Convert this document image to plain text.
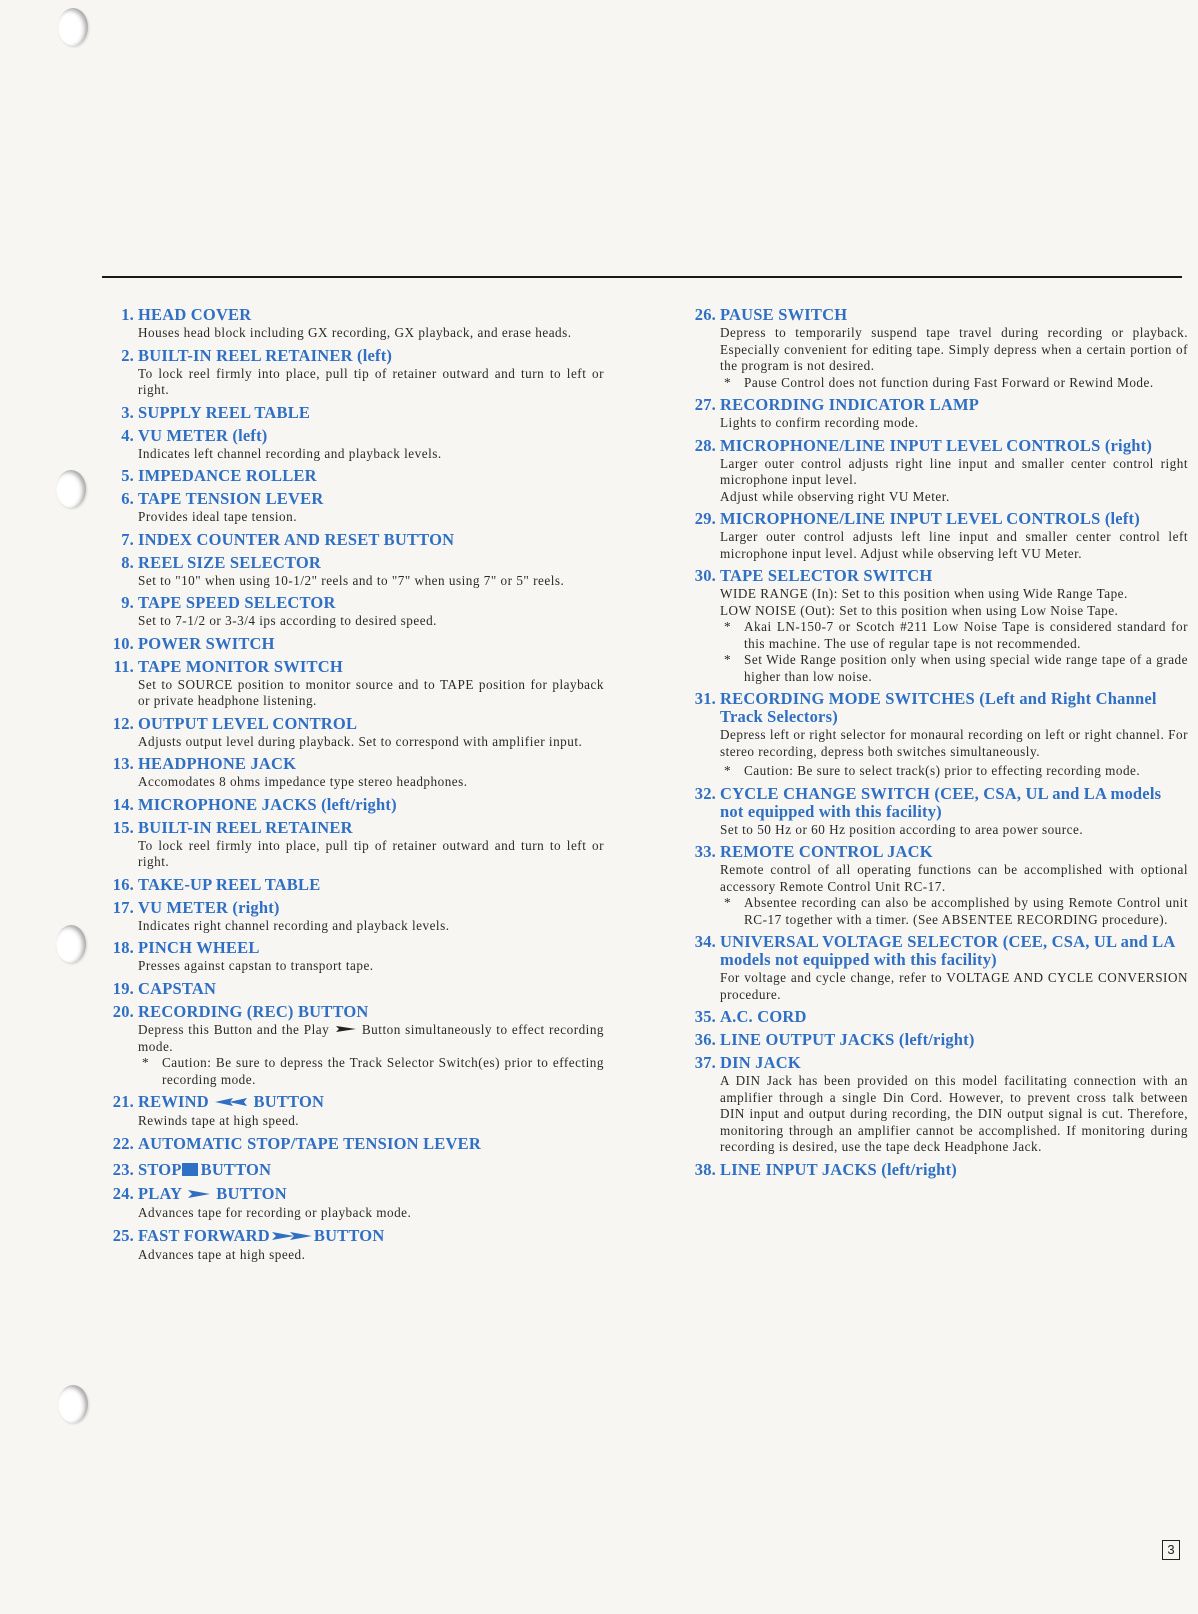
1. HEAD COVER
Houses head block including GX recording, GX playback, and erase heads.
2. BUILT-IN REEL RETAINER (left)
To lock reel firmly into place, pull tip of retainer outward and turn to left or right.
3. SUPPLY REEL TABLE
4. VU METER (left)
Indicates left channel recording and playback levels.
5. IMPEDANCE ROLLER
6. TAPE TENSION LEVER
Provides ideal tape tension.
7. INDEX COUNTER AND RESET BUTTON
8. REEL SIZE SELECTOR
Set to "10" when using 10-1/2" reels and to "7" when using 7" or 5" reels.
9. TAPE SPEED SELECTOR
Set to 7-1/2 or 3-3/4 ips according to desired speed.
10. POWER SWITCH
11. TAPE MONITOR SWITCH
Set to SOURCE position to monitor source and to TAPE position for playback or private headphone listening.
12. OUTPUT LEVEL CONTROL
Adjusts output level during playback. Set to correspond with amplifier input.
13. HEADPHONE JACK
Accomodates 8 ohms impedance type stereo headphones.
14. MICROPHONE JACKS (left/right)
15. BUILT-IN REEL RETAINER
To lock reel firmly into place, pull tip of retainer outward and turn to left or right.
16. TAKE-UP REEL TABLE
17. VU METER (right)
Indicates right channel recording and playback levels.
18. PINCH WHEEL
Presses against capstan to transport tape.
19. CAPSTAN
20. RECORDING (REC) BUTTON
Depress this Button and the Play Button simultaneously to effect recording mode.
* Caution: Be sure to depress the Track Selector Switch(es) prior to effecting recording mode.
21. REWIND	BUTTON
Rewinds tape at high speed.
22. AUTOMATIC STOP/TAPE TENSION LEVER
23. STOP BUTTON
24. PLAY BUTTON
Advances tape for recording or playback mode.
25. FAST FORWARD	BUTTON
Advances tape at high speed.
26. PAUSE SWITCH
Depress to temporarily suspend tape travel during recording or playback. Especially convenient for editing tape. Simply depress when a certain portion of the program is not desired.
* Pause Control does not function during Fast Forward or Rewind Mode.
27. RECORDING INDICATOR LAMP
Lights to confirm recording mode.
28. MICROPHONE/LINE INPUT LEVEL CONTROLS (right)
Larger outer control adjusts right line input and smaller center control right microphone input level.
Adjust while observing right VU Meter.
29. MICROPHONE/LINE INPUT LEVEL CONTROLS (left)
Larger outer control adjusts left line input and smaller center control left microphone input level. Adjust while observing left VU Meter.
30. TAPE SELECTOR SWITCH
WIDE RANGE (In): Set to this position when using Wide Range Tape.
LOW NOISE (Out): Set to this position when using Low Noise Tape.
* Akai LN-150-7 or Scotch #211 Low Noise Tape is considered standard for this machine. The use of regular tape is not recommended.
* Set Wide Range position only when using special wide range tape of a grade higher than low noise.
31. RECORDING MODE SWITCHES (Left and Right Channel Track Selectors)
Depress left or right selector for monaural recording on left or right channel. For stereo recording, depress both switches simultaneously.
* Caution: Be sure to select track(s) prior to effecting recording mode.
32. CYCLE CHANGE SWITCH (CEE, CSA, UL and LA models not equipped with this facility)
Set to 50 Hz or 60 Hz position according to area power source.
33. REMOTE CONTROL JACK
Remote control of all operating functions can be accomplished with optional accessory Remote Control Unit RC-17.
* Absentee recording can also be accomplished by using Remote Control unit RC-17 together with a timer. (See ABSENTEE RECORDING procedure).
34. UNIVERSAL VOLTAGE SELECTOR (CEE, CSA, UL and LA models not equipped with this facility)
For voltage and cycle change, refer to VOLTAGE AND CYCLE CONVERSION procedure.
35. A.C. CORD
36. LINE OUTPUT JACKS (left/right)
37. DIN JACK
A DIN Jack has been provided on this model facilitating connection with an amplifier through a single Din Cord. However, to prevent cross talk between DIN input and output during recording, the DIN output signal is cut. Therefore, monitoring through an amplifier cannot be accomplished. If monitoring during recording is desired, use the tape deck Headphone Jack.
38. LINE INPUT JACKS (left/right)
3
